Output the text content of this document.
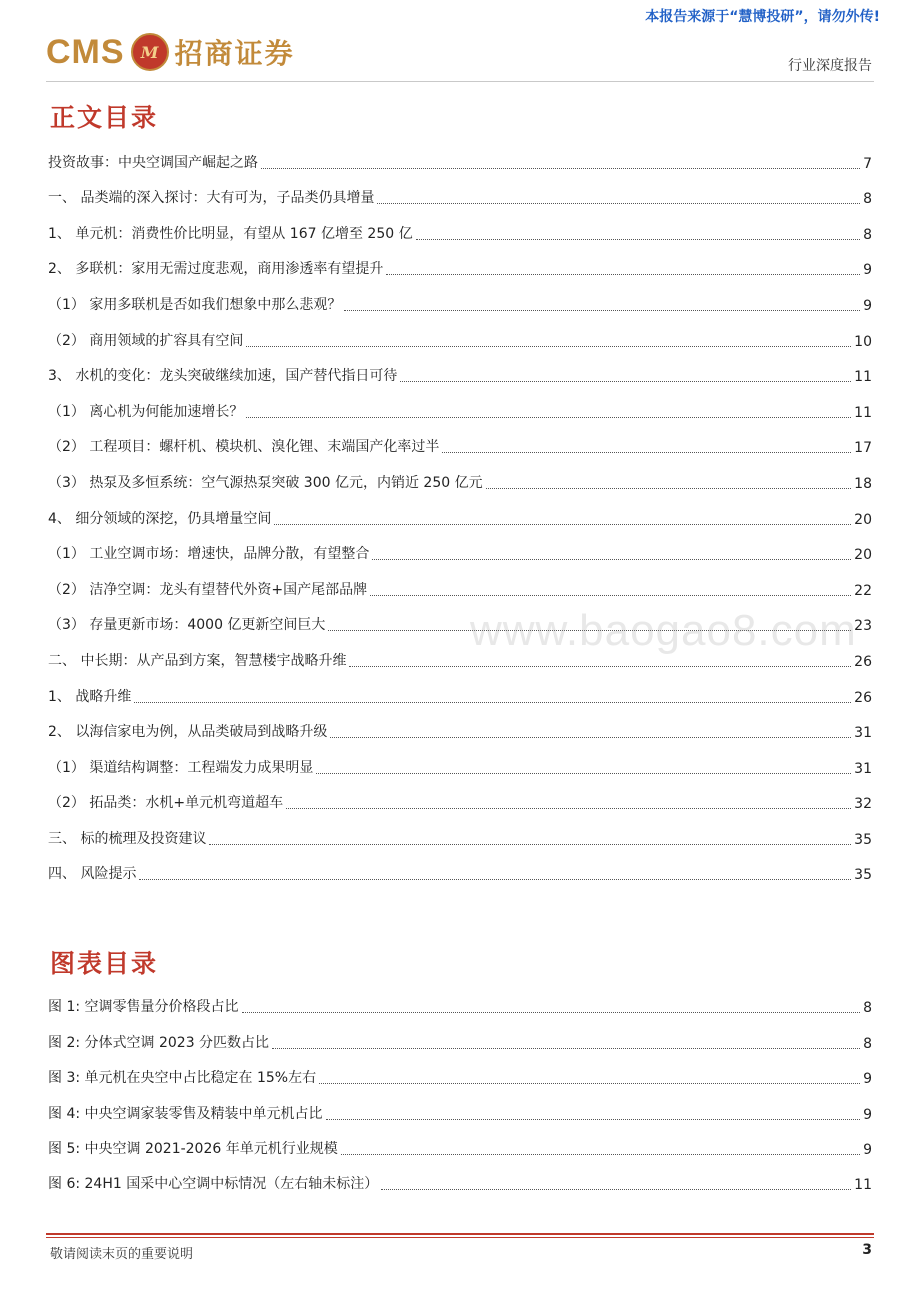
本报告来源于“慧博投研”，请勿外传!
CMS	M 招商证券	行业深度报告
正文目录
投资故事：中央空调国产崛起之路	7
一、 品类端的深入探讨：大有可为，子品类仍具增量	8
1、 单元机：消费性价比明显，有望从 167 亿增至 250 亿	8
2、 多联机：家用无需过度悲观，商用渗透率有望提升	9
（1） 家用多联机是否如我们想象中那么悲观？	9
（2） 商用领域的扩容具有空间	10
3、 水机的变化：龙头突破继续加速，国产替代指日可待	11
（1） 离心机为何能加速增长？	11
（2） 工程项目：螺杆机、模块机、溴化锂、末端国产化率过半	17
（3） 热泵及多恒系统：空气源热泵突破 300 亿元，内销近 250 亿元	18
4、 细分领域的深挖，仍具增量空间	20
（1） 工业空调市场：增速快，品牌分散，有望整合	20
（2） 洁净空调：龙头有望替代外资+国产尾部品牌	22
（3） 存量更新市场：4000 亿更新空间巨大	23
二、 中长期：从产品到方案，智慧楼宇战略升维	26
1、 战略升维	26
2、 以海信家电为例，从品类破局到战略升级	31
（1） 渠道结构调整：工程端发力成果明显	31
（2） 拓品类：水机+单元机弯道超车	32
三、 标的梳理及投资建议	35
四、 风险提示	35
www.baogao8.com
图表目录
图 1: 空调零售量分价格段占比	8
图 2: 分体式空调 2023 分匹数占比	8
图 3: 单元机在央空中占比稳定在 15%左右	9
图 4: 中央空调家装零售及精装中单元机占比	9
图 5: 中央空调 2021-2026 年单元机行业规模	9
图 6: 24H1 国采中心空调中标情况（左右轴未标注）	11
敬请阅读末页的重要说明	3
